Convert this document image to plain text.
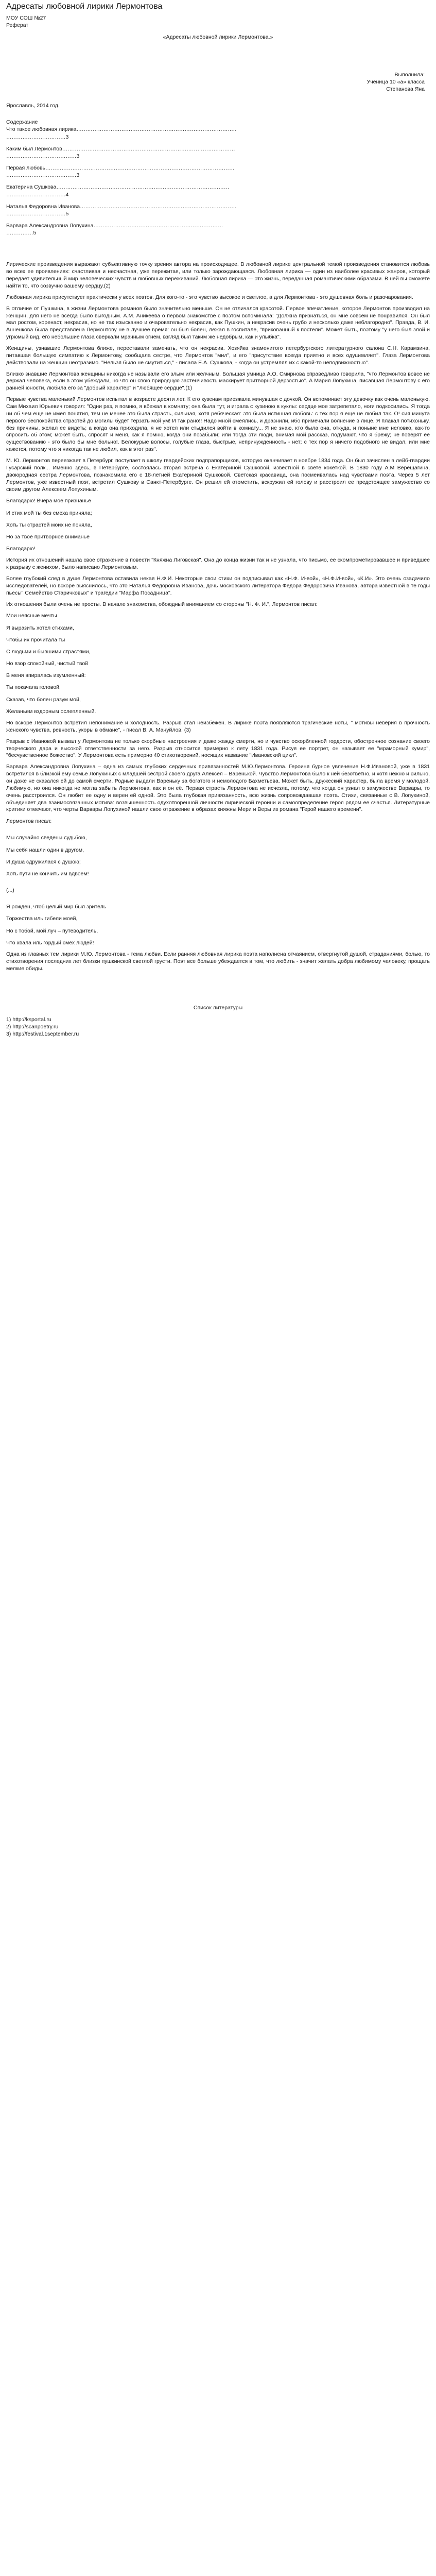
Адресаты любовной лирики Лермонтова
МОУ СОШ №27
Реферат
«Адресаты любовной лирики Лермонтова.»
Выполнила:
Ученица 10 «а» класса
Степанова Яна
Ярославль, 2014 год.
Содержание
Что такое любовная лирика……………………………………………………………………………..
……………………………3
Каким был Лермонтов……………………………………………………………………………………
…………………………………3
Первая любовь……………………………………………………………………………………………
…………………………………3
Екатерина Сушкова……………………………………………………………………………………
……………………………4
Наталья Федоровна Иванова……………………………………………………………………………
……………………………5
Варвара Александровна Лопухина………………………………………………………………
……………5

Лирические произведения выражают субъективную точку зрения автора на происходящее. В любовной лирике центральной темой произведения становится любовь во всех ее проявлениях: счастливая и несчастная, уже пережитая, или только зарождающаяся. Любовная лирика — один из наиболее красивых жанров, который передает удивительный мир человеческих чувств и любовных переживаний. Любовная лирика — это жизнь, переданная романтическими образами. В ней вы сможете найти то, что созвучно вашему сердцу.(2)

Любовная лирика присутствует практически у всех поэтов. Для кого-то - это чувство высокое и светлое, а для Лермонтова - это душевная боль и разочарования.

В отличие от Пушкина, в жизни Лермонтова романов было значительно меньше. Он не отличался красотой. Первое впечатление, которое Лермонтов производил на женщин, для него не всегда было выгодным. А.М. Аникеева о первом знакомстве с поэтом вспоминала: "Должна признаться, он мне совсем не понравился. Он был мал ростом, коренаст, некрасив, но не так изысканно и очаровательно некрасив, как Пушкин, а некрасив очень грубо и несколько даже неблагородно". Правда, В. И. Анненкова была представлена Лермонтову не в лучшее время: он был болен, лежал в госпитале, "прикованный к постели". Может быть, поэтому "у него был злой и угрюмый вид, его небольшие глаза сверкали мрачным огнем, взгляд был таким же недобрым, как и улыбка".

Женщины, узнавшие Лермонтова ближе, переставали замечать, что он некрасив. Хозяйка знаменитого петербургского литературного салона С.Н. Карамзина, питавшая большую симпатию к Лермонтову, сообщала сестре, что Лермонтов "мил", и его "присутствие всегда приятно и всех одушевляет". Глаза Лермонтова действовали на женщин неотразимо. "Нельзя было не смутиться," - писала Е.А. Сушкова, - когда он устремлял их с какой-то неподвижностью".

Близко знавшие Лермонтова женщины никогда не называли его злым или желчным. Большая умница А.О. Смирнова справедливо говорила, "что Лермонтов вовсе не держал человека, если в этом убеждали, но что он свою природную застенчивость маскирует притворной дерзостью". А Мария Лопухина, писавшая Лермонтову с его ранней юности, любила его за "добрый характер" и "любящее сердце".(1)

Первые чувства маленький Лермонтов испытал в возрасте десяти лет. К его кузенам приезжала минувшая с дочкой. Он вспоминает эту девочку как очень маленькую. Сам Михаил Юрьевич говорил: "Одни раз, я помню, я вбежал в комнату; она была тут, и играла с кузиною в куклы: сердце мое затрепетало, ноги подкосились. Я тогда ни об чем еще не имел понятия, тем не менее это была страсть, сильная, хотя ребяческая: это была истинная любовь: с тех пор я еще не любил так. О! сия минута первого беспокойства страстей до могилы будет терзать мой ум! И так рано!! Надо мной смеялись, и дразнили, ибо примечали волнение в лице. Я плакал потихоньку, без причины, желал ее видеть; а когда она приходила, я не хотел или стыдился войти в комнату... Я не знаю, кто была она, откуда, и поныне мне неловко, как-то спросить об этом; может быть, спросят и меня, как я помню, когда они позабыли; или тогда эти люди, внимая мой рассказ, подумают, что я брежу; не поверят ее существованию - это было бы мне больно!. Белокурые волосы, голубые глаза, быстрые, непринужденность - нет; с тех пор я ничего подобного не видал, или мне кажется, потому что я никогда так не любил, как в этот раз".

М. Ю. Лермонтов переезжает в Петербург, поступает в школу гвардейских подпрапорщиков, которую оканчивает в ноябре 1834 года. Он был зачислен в лейб-гвардии Гусарский полк... Именно здесь, в Петербурге, состоялась вторая встреча с Екатериной Сушковой, известной в свете кокеткой. В 1830 году А.М Верещагина, двоюродная сестра Лермонтова, познакомила его с 18-летней Екатериной Сушковой. Светская красавица, она посмеивалась над чувствами поэта. Через 5 лет Лермонтов, уже известный поэт, встретил Сушкову в Санкт-Петербурге. Он решил ей отомстить, вскружил ей голову и расстроил ее предстоящее замужество со своим другом Алексеем Лопухиным.

Благодарю! Вчера мое признанье
И стих мой ты без смеха приняла;
Хоть ты страстей моих не поняла,
Но за твое притворное вниманье
Благодарю!

История их отношений нашла свое отражение в повести "Княжна Лиговская". Она до конца жизни так и не узнала, что письмо, ее скомпрометировавшее и приведшее к разрыву с женихом, было написано Лермонтовым.

Более глубокий след в душе Лермонтова оставила некая Н.Ф.И. Некоторые свои стихи он подписывал как «Н.Ф. И-вой», «Н.Ф.И-вой», «К.И». Это очень озадачило исследователей, но вскоре выяснилось, что это Наталья Федоровна Иванова, дочь московского литератора Федора Федоровича Иванова, автора известной в те годы пьесы" Семейство Старичковых" и трагедии "Марфа Посадница".

Их отношения были очень не просты. В начале знакомства, обоюдный вниманием со стороны "Н. Ф. И.", Лермонтов писал:

Мои неясные мечты
Я выразить хотел стихами,
Чтобы их прочитала ты
С людьми и бывшими страстями,
Но взор спокойный, чистый твой
В меня впиралась изумленный:
Ты покачала головой,
Сказав, что болен разум мой,
Желаньем вздорным ослепленный.

Но вскоре Лермонтов встретил непонимание и холодность. Разрыв стал неизбежен. В лирике поэта появляются трагические ноты, " мотивы неверия в прочность женского чувства, ревность, укоры в обмане", - писал В. А. Мануйлов. (3)

Разрыв с Ивановой вызвал у Лермонтова не только скорбные настроения и даже жажду смерти, но и чувство оскорбленной гордости, обостренное сознание своего творческого дара и высокой ответственности за него. Разрыв относится примерно к лету 1831 года. Рисуя ее портрет, он называет ее "мраморный кумир", "бесчувственное божество". У Лермонтова есть примерно 40 стихотворений, носящих название "Ивановский цикл".

Варвара Александровна Лопухина – одна из самых глубоких сердечных привязанностей М.Ю.Лермонтова. Героиня бурное увлечение Н.Ф.Ивановой, уже в 1831 встретился в близкой ему семье Лопухиных с младшей сестрой своего друга Алексея – Варенькой. Чувство Лермонтова было к ней безответно, и хотя нежно и сильно, он даже не сказался ей до самой смерти. Родные выдали Вареньку за богатого и немолодого Бахметьева. Может быть, дружеский характер, была время у молодой. Любимую, но она никогда не могла забыть Лермонтова, как и он её. Первая страсть Лермонтова не исчезла, потому, что когда он узнал о замужестве Варвары, то очень расстроился. Он любит ее одну и верен ей одной. Это была глубокая привязанность, всю жизнь сопровождавшая поэта. Стихи, связанные с В. Лопухиной, объединяет два взаимосвязанных мотива: возвышенность одухотворенной личности лирической героини и самоопределение героя рядом ее счастья. Литературные критики отмечают, что черты Варвары Лопухиной нашли свое отражение в образах княжны Мери и Веры из романа "Герой нашего времени".

Лермонтов писал:
Мы случайно сведены судьбою,
Мы себя нашли один в другом,
И душа сдружилася с душою;
Хоть пути не кончить им вдвоем!
(...)
Я рожден, чтоб целый мир был зритель
Торжества иль гибели моей,
Но с тобой, мой луч – путеводитель,
Что хвала иль гордый смех людей!

Одна из главных тем лирики М.Ю. Лермонтова - тема любви. Если ранняя любовная лирика поэта наполнена отчаянием, отвергнутой душой, страданиями, болью, то стихотворения последних лет близки пушкинской светлой грусти. Поэт все больше убеждается в том, что любить - значит желать добра любимому человеку, прощать мелкие обиды.

Список литературы
1) http://ksportal.ru
2) http://scanpoetry.ru
3) http://festival.1september.ru
